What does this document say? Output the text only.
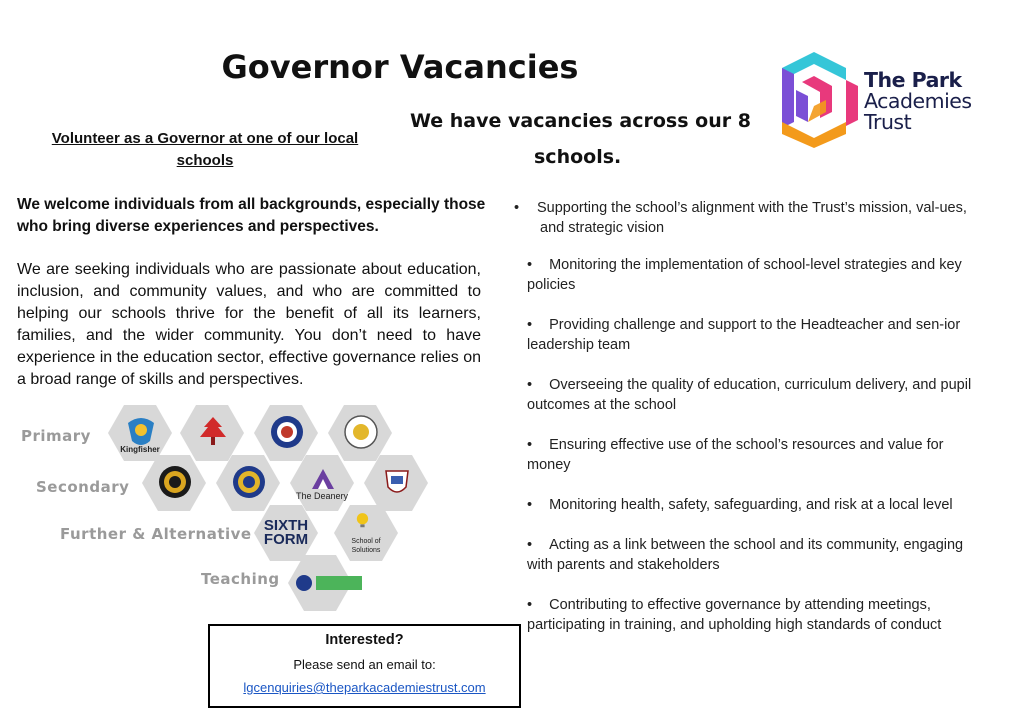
Governor Vacancies
We have vacancies across our 8
schools.
The Park
Academies
Trust
Volunteer as a Governor at one of our local schools
We welcome individuals from all backgrounds, especially those who bring diverse experiences and perspectives.
We are seeking individuals who are passionate about education, inclusion, and community values, and who are committed to helping our schools thrive for the benefit of all its learners, families, and the wider community. You don’t need to have experience in the education sector, effective governance relies on a broad range of skills and perspectives.
Primary
Secondary
Further & Alternative
Teaching
Kingfisher
The Deanery
SIXTH
FORM	School of Solutions
• Supporting the school’s alignment with the Trust’s mission, val-ues, and strategic vision
• Monitoring the implementation of school-level strategies and key policies
• Providing challenge and support to the Headteacher and sen-ior leadership team
• Overseeing the quality of education, curriculum delivery, and pupil outcomes at the school
• Ensuring effective use of the school’s resources and value for money
• Monitoring health, safety, safeguarding, and risk at a local level
• Acting as a link between the school and its community, engaging with parents and stakeholders
• Contributing to effective governance by attending meetings, participating in training, and upholding high standards of conduct
Interested?
Please send an email to:
lgcenquiries@theparkacademiestrust.com
